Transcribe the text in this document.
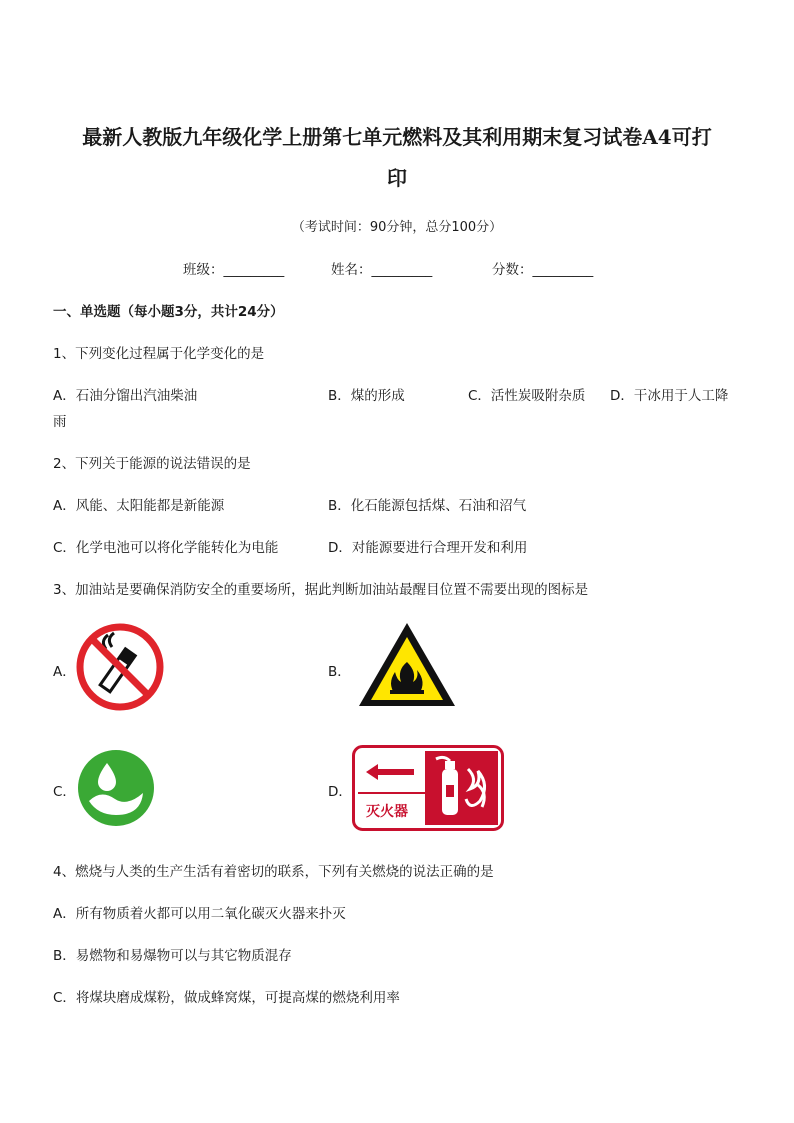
最新人教版九年级化学上册第七单元燃料及其利用期末复习试卷A4可打
印
（考试时间：90分钟，总分100分）
班级：_________	姓名：_________	分数：_________
一、单选题（每小题3分，共计24分）
1、下列变化过程属于化学变化的是
A．石油分馏出汽油柴油	B．煤的形成	C．活性炭吸附杂质 D．干冰用于人工降
雨
2、下列关于能源的说法错误的是
A．风能、太阳能都是新能源	B．化石能源包括煤、石油和沼气
C．化学电池可以将化学能转化为电能	D．对能源要进行合理开发和利用
3、加油站是要确保消防安全的重要场所，据此判断加油站最醒目位置不需要出现的图标是
A．	B．
C．	D．
灭火器
4、燃烧与人类的生产生活有着密切的联系，下列有关燃烧的说法正确的是
A．所有物质着火都可以用二氧化碳灭火器来扑灭
B．易燃物和易爆物可以与其它物质混存
C．将煤块磨成煤粉，做成蜂窝煤，可提高煤的燃烧利用率
